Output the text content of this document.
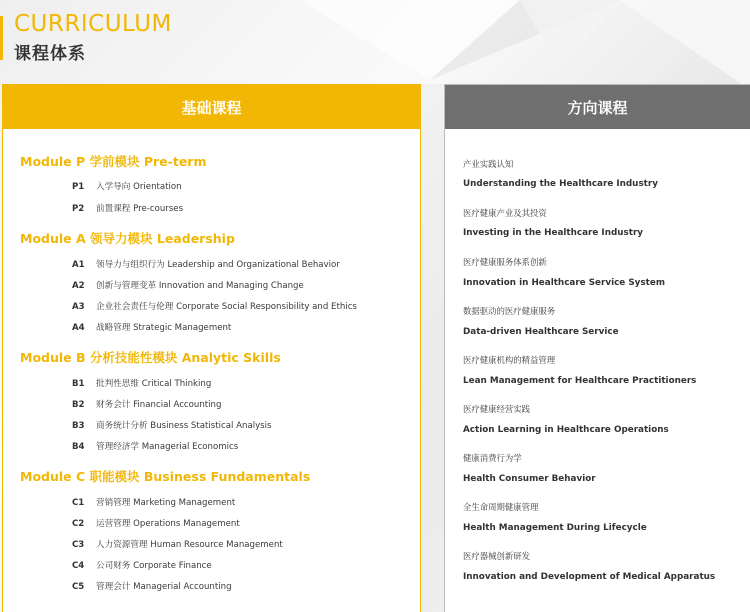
CURRICULUM
课程体系
基础课程
Module P 学前模块 Pre-term
P1 入学导向 Orientation
P2 前置课程 Pre-courses
Module A 领导力模块 Leadership
A1 领导力与组织行为 Leadership and Organizational Behavior
A2 创新与管理变革 Innovation and Managing Change
A3 企业社会责任与伦理 Corporate Social Responsibility and Ethics
A4 战略管理 Strategic Management
Module B 分析技能性模块 Analytic Skills
B1 批判性思维 Critical Thinking
B2 财务会计 Financial Accounting
B3 商务统计分析 Business Statistical Analysis
B4 管理经济学 Managerial Economics
Module C 职能模块 Business Fundamentals
C1 营销管理 Marketing Management
C2 运营管理 Operations Management
C3 人力资源管理 Human Resource Management
C4 公司财务 Corporate Finance
C5 管理会计 Managerial Accounting
方向课程
产业实践认知
Understanding the Healthcare Industry
医疗健康产业及其投资
Investing in the Healthcare Industry
医疗健康服务体系创新
Innovation in Healthcare Service System
数据驱动的医疗健康服务
Data-driven Healthcare Service
医疗健康机构的精益管理
Lean Management for Healthcare Practitioners
医疗健康经营实践
Action Learning in Healthcare Operations
健康消费行为学
Health Consumer Behavior
全生命周期健康管理
Health Management During Lifecycle
医疗器械创新研发
Innovation and Development of Medical Apparatus
